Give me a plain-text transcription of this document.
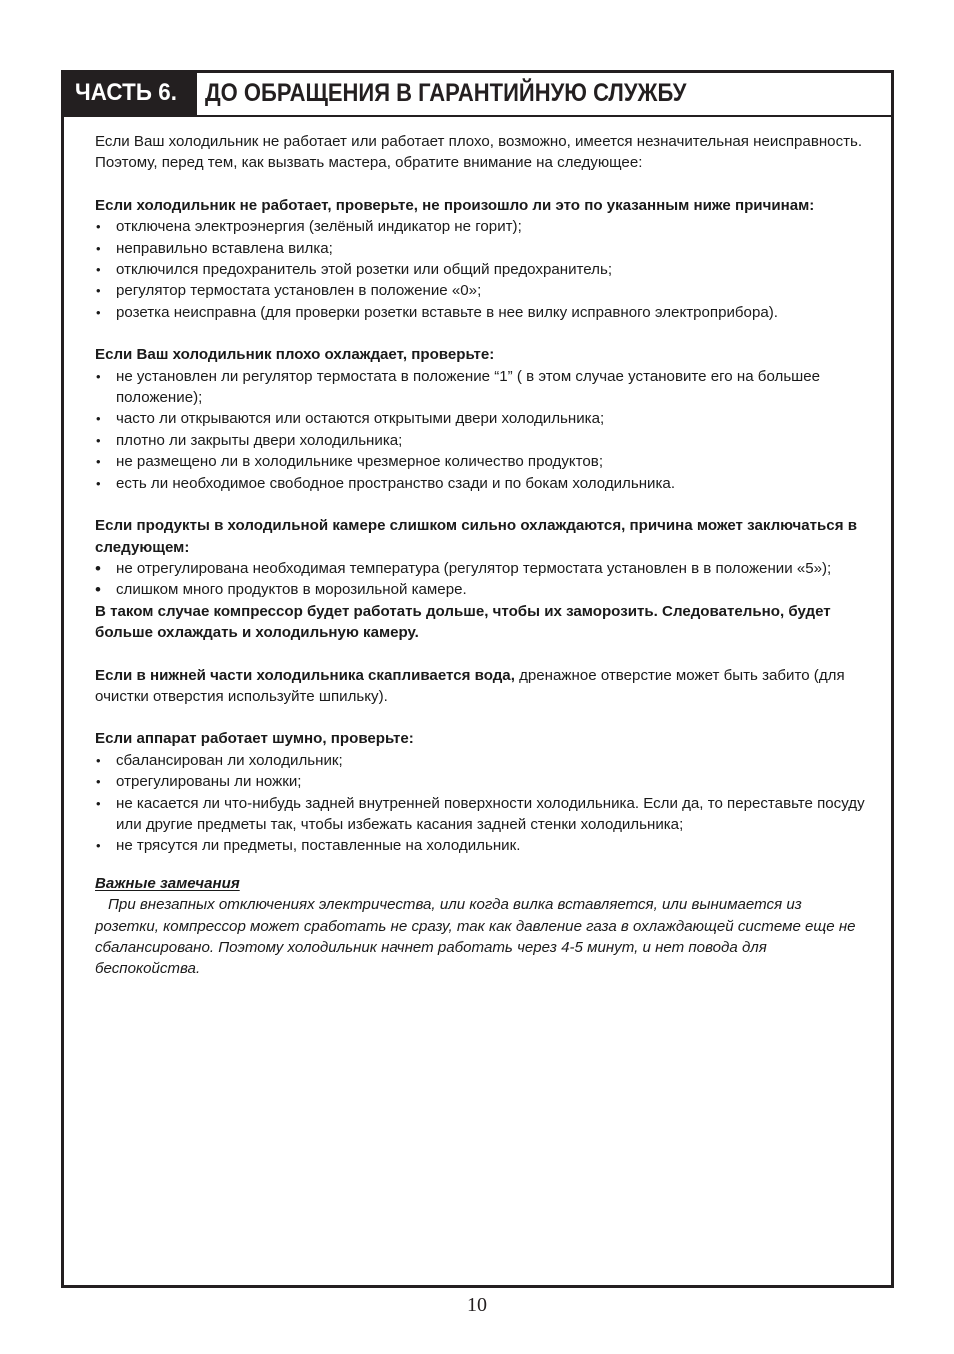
ЧАСТЬ 6. ДО ОБРАЩЕНИЯ В ГАРАНТИЙНУЮ СЛУЖБУ

Если Ваш холодильник не работает или работает плохо, возможно, имеется незначительная неисправность. Поэтому, перед тем, как вызвать мастера, обратите внимание на следующее:

Если холодильник не работает, проверьте, не произошло ли это по указанным ниже причинам:

•	отключена электроэнергия (зелёный индикатор не горит);
•	неправильно вставлена вилка;
•	отключился предохранитель этой розетки или общий предохранитель;
•	регулятор термостата установлен в положение «0»;
•	розетка неисправна (для проверки розетки вставьте в нее вилку исправного электроприбора).

Если Ваш холодильник плохо охлаждает, проверьте:

•	не установлен ли регулятор термостата в положение “1” ( в этом случае установите его на большее положение);
•	часто ли открываются или остаются открытыми двери холодильника;
•	плотно ли закрыты двери холодильника;
•	не размещено ли в холодильнике чрезмерное количество продуктов;
•	есть ли необходимое свободное пространство сзади и по бокам холодильника.

Если продукты в холодильной камере слишком сильно охлаждаются, причина может заключаться в следующем:

• не отрегулирована необходимая температура (регулятор термостата установлен в в положении «5»);
• слишком много продуктов в морозильной камере.

В таком случае компрессор будет работать дольше, чтобы их заморозить. Следовательно, будет больше охлаждать и холодильную камеру.

Если в нижней части холодильника скапливается вода, дренажное отверстие может быть забито (для очистки отверстия используйте шпильку).

Если аппарат работает шумно, проверьте:

•	сбалансирован ли холодильник;
•	отрегулированы ли ножки;
•	не касается ли что-нибудь задней внутренней поверхности холодильника. Если да, то переставьте посуду или другие предметы так, чтобы избежать касания задней стенки холодильника;
•	не трясутся ли предметы, поставленные на холодильник.

Важные замечания

При внезапных отключениях электричества, или когда вилка вставляется, или вынимается из розетки, компрессор может сработать не сразу, так как давление газа в охлаждающей системе еще не сбалансировано. Поэтому холодильник начнет работать через 4-5 минут, и нет повода для беспокойства.

10
